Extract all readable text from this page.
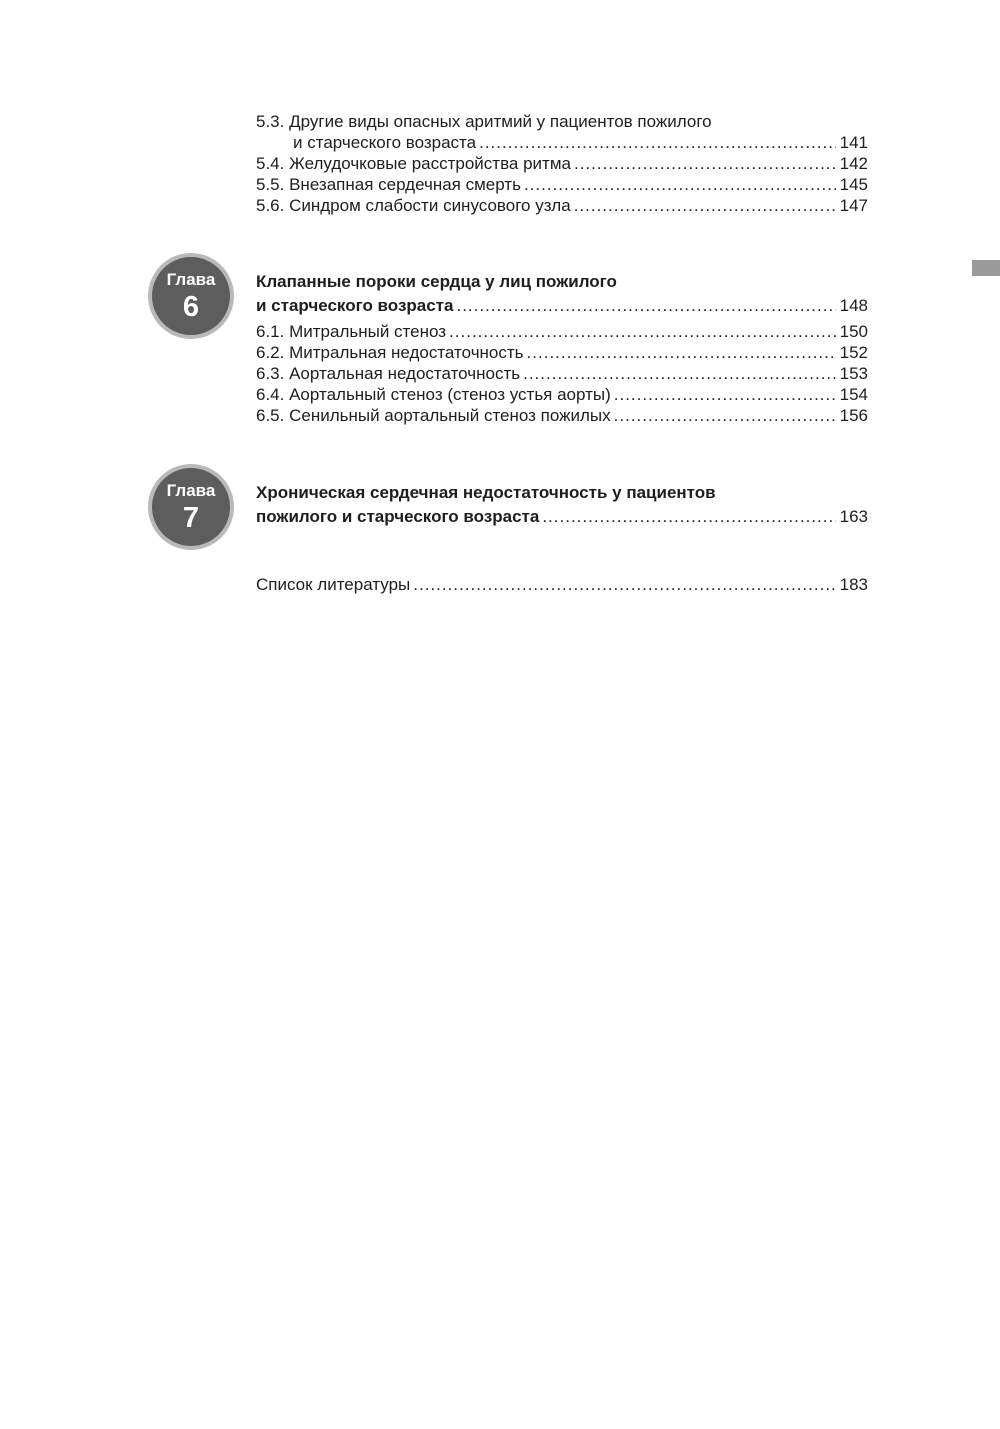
5.3. Другие виды опасных аритмий у пациентов пожилого
и старческого возраста .....	141
5.4. Желудочковые расстройства ритма .....	142
5.5. Внезапная сердечная смерть .....	145
5.6. Синдром слабости синусового узла .....	147
Глава
6
Клапанные пороки сердца у лиц пожилого
и старческого возраста .....	148
6.1. Митральный стеноз .....	150
6.2. Митральная недостаточность .....	152
6.3. Аортальная недостаточность .....	153
6.4. Аортальный стеноз (стеноз устья аорты) .....	154
6.5. Сенильный аортальный стеноз пожилых .....	156
Глава
7
Хроническая сердечная недостаточность у пациентов
пожилого и старческого возраста .....	163
Список литературы .....	183
